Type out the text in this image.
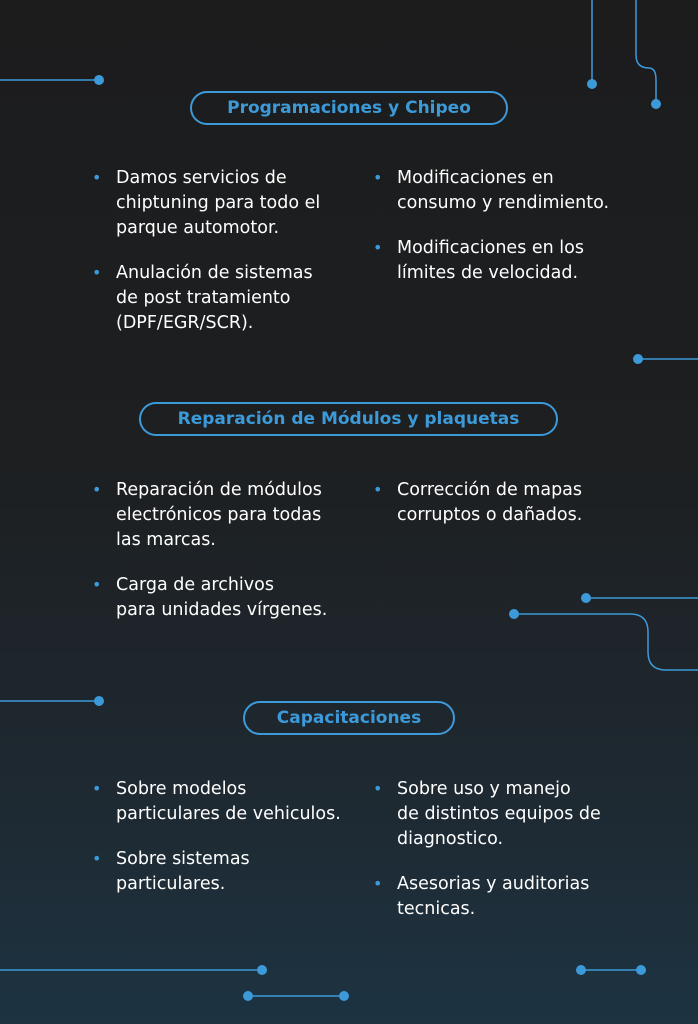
Programaciones y Chipeo
• Damos servicios de
chiptuning para todo el
parque automotor.
• Anulación de sistemas
de post tratamiento
(DPF/EGR/SCR).
• Modificaciones en
consumo y rendimiento.
• Modificaciones en los
límites de velocidad.
Reparación de Módulos y plaquetas
• Reparación de módulos
electrónicos para todas
las marcas.
• Carga de archivos
para unidades vírgenes.
• Corrección de mapas
corruptos o dañados.
Capacitaciones
• Sobre modelos
particulares de vehiculos.
• Sobre sistemas
particulares.
• Sobre uso y manejo
de distintos equipos de
diagnostico.
• Asesorias y auditorias
tecnicas.
